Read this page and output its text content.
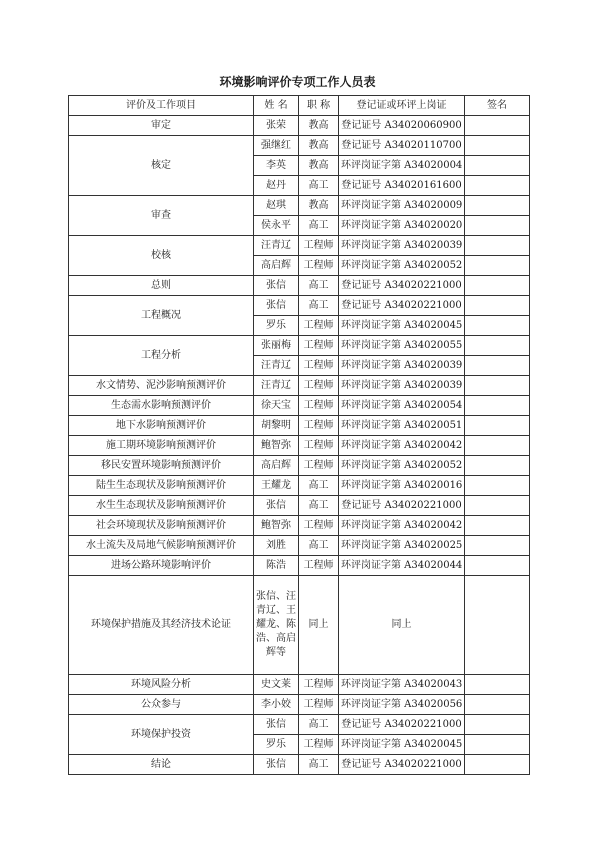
环境影响评价专项工作人员表
评价及工作项目	姓 名	职 称	登记证或环评上岗证	签名
审定	张荣	教高	登记证号 A34020060900	
核定	强继红	教高	登记证号 A34020110700	
	李英	教高	环评岗证字第 A34020004	
	赵丹	高工	登记证号 A34020161600	
审查	赵琪	教高	环评岗证字第 A34020009	
	侯永平	高工	环评岗证字第 A34020020	
校核	汪青辽	工程师	环评岗证字第 A34020039	
	高启辉	工程师	环评岗证字第 A34020052	
总则	张信	高工	登记证号 A34020221000	
工程概况	张信	高工	登记证号 A34020221000	
	罗乐	工程师	环评岗证字第 A34020045	
工程分析	张丽梅	工程师	环评岗证字第 A34020055	
	汪青辽	工程师	环评岗证字第 A34020039	
水文情势、泥沙影响预测评价	汪青辽	工程师	环评岗证字第 A34020039	
生态需水影响预测评价	徐天宝	工程师	环评岗证字第 A34020054	
地下水影响预测评价	胡黎明	工程师	环评岗证字第 A34020051	
施工期环境影响预测评价	鲍智弥	工程师	环评岗证字第 A34020042	
移民安置环境影响预测评价	高启辉	工程师	环评岗证字第 A34020052	
陆生生态现状及影响预测评价	王耀龙	高工	环评岗证字第 A34020016	
水生生态现状及影响预测评价	张信	高工	登记证号 A34020221000	
社会环境现状及影响预测评价	鲍智弥	工程师	环评岗证字第 A34020042	
水土流失及局地气候影响预测评价	刘胜	高工	环评岗证字第 A34020025	
进场公路环境影响评价	陈浩	工程师	环评岗证字第 A34020044	
环境保护措施及其经济技术论证	张信、汪青辽、王耀龙、陈浩、高启辉等	同上	同上	
环境风险分析	史文莱	工程师	环评岗证字第 A34020043	
公众参与	李小姣	工程师	环评岗证字第 A34020056	
环境保护投资	张信	高工	登记证号 A34020221000	
	罗乐	工程师	环评岗证字第 A34020045	
结论	张信	高工	登记证号 A34020221000	
